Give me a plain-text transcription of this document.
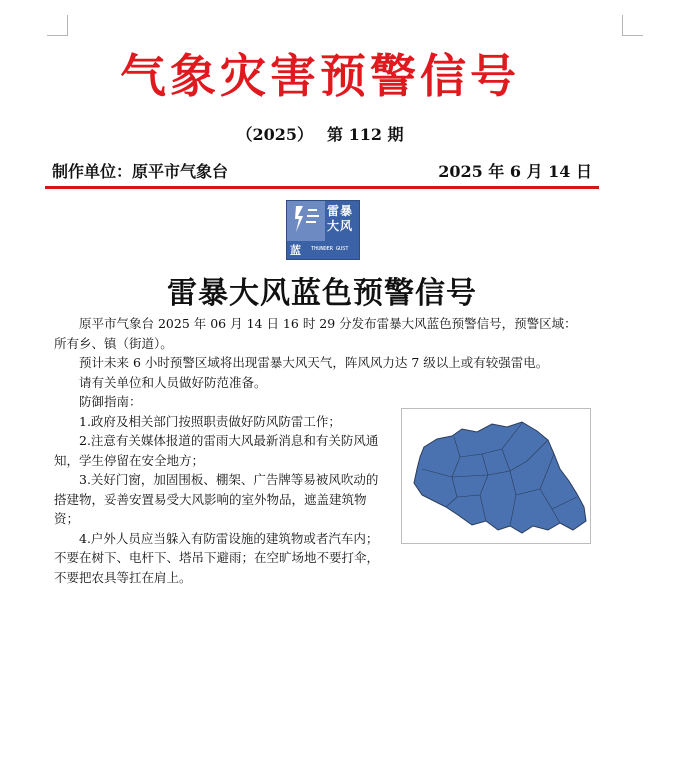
气象灾害预警信号
（2025） 第 112 期
制作单位：原平市气象台	2025 年 6 月 14 日
雷暴
大风
蓝 THUNDER GUST
雷暴大风蓝色预警信号

原平市气象台 2025 年 06 月 14 日 16 时 29 分发布雷暴大风蓝色预警信号，预警区域：所有乡、镇（街道）。

预计未来 6 小时预警区域将出现雷暴大风天气，阵风风力达 7 级以上或有较强雷电。

请有关单位和人员做好防范准备。

防御指南：

1.政府及相关部门按照职责做好防风防雷工作；

2.注意有关媒体报道的雷雨大风最新消息和有关防风通知，学生停留在安全地方；

3.关好门窗，加固围板、棚架、广告牌等易被风吹动的搭建物，妥善安置易受大风影响的室外物品，遮盖建筑物资；

4.户外人员应当躲入有防雷设施的建筑物或者汽车内；不要在树下、电杆下、塔吊下避雨；在空旷场地不要打伞，不要把农具等扛在肩上。
